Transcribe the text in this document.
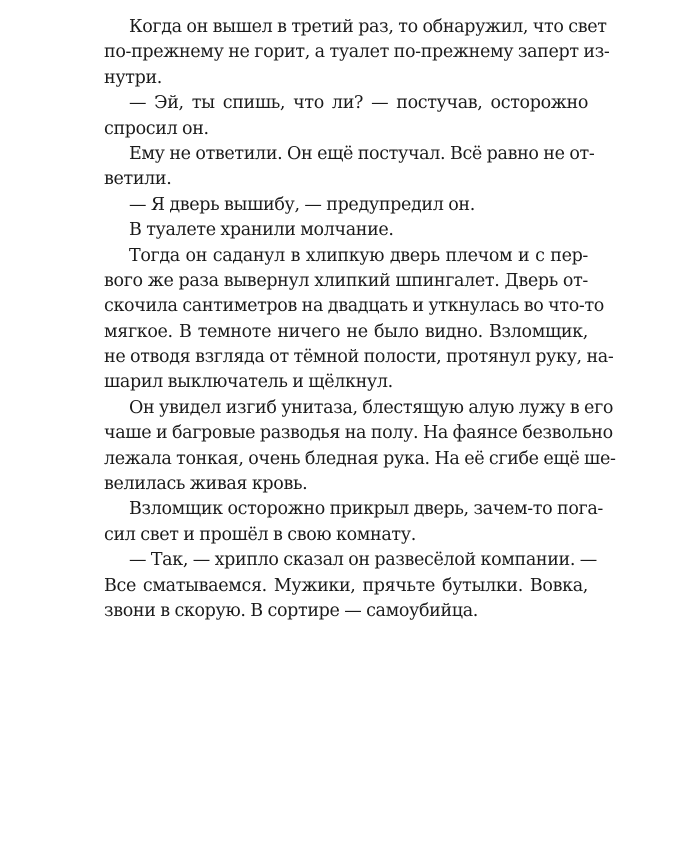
Когда он вышел в третий раз, то обнаружил, что свет
по-прежнему не горит, а туалет по-прежнему заперт из-
нутри.
— Эй, ты спишь, что ли? — постучав, осторожно
спросил он.
Ему не ответили. Он ещё постучал. Всё равно не от-
ветили.
— Я дверь вышибу, — предупредил он.
В туалете хранили молчание.
Тогда он саданул в хлипкую дверь плечом и с пер-
вого же раза вывернул хлипкий шпингалет. Дверь от-
скочила сантиметров на двадцать и уткнулась во что-то
мягкое. В темноте ничего не было видно. Взломщик,
не отводя взгляда от тёмной полости, протянул руку, на-
шарил выключатель и щёлкнул.
Он увидел изгиб унитаза, блестящую алую лужу в его
чаше и багровые разводья на полу. На фаянсе безвольно
лежала тонкая, очень бледная рука. На её сгибе ещё ше-
велилась живая кровь.
Взломщик осторожно прикрыл дверь, зачем-то пога-
сил свет и прошёл в свою комнату.
— Так, — хрипло сказал он развесёлой компании. —
Все сматываемся. Мужики, прячьте бутылки. Вовка,
звони в скорую. В сортире — самоубийца.
